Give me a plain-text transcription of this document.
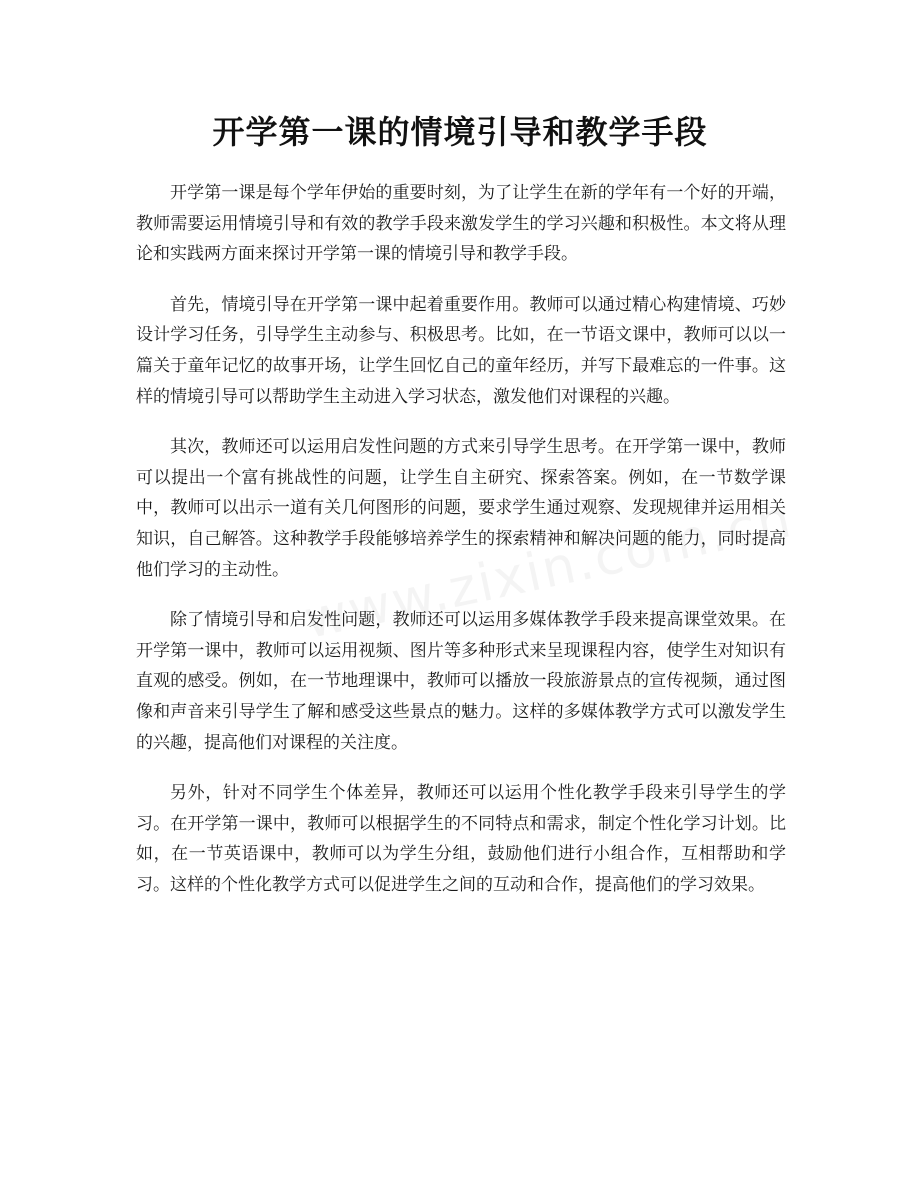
开学第一课的情境引导和教学手段

开学第一课是每个学年伊始的重要时刻，为了让学生在新的学年有一个好的开端，教师需要运用情境引导和有效的教学手段来激发学生的学习兴趣和积极性。本文将从理论和实践两方面来探讨开学第一课的情境引导和教学手段。

首先，情境引导在开学第一课中起着重要作用。教师可以通过精心构建情境、巧妙设计学习任务，引导学生主动参与、积极思考。比如，在一节语文课中，教师可以以一篇关于童年记忆的故事开场，让学生回忆自己的童年经历，并写下最难忘的一件事。这样的情境引导可以帮助学生主动进入学习状态，激发他们对课程的兴趣。

其次，教师还可以运用启发性问题的方式来引导学生思考。在开学第一课中，教师可以提出一个富有挑战性的问题，让学生自主研究、探索答案。例如，在一节数学课中，教师可以出示一道有关几何图形的问题，要求学生通过观察、发现规律并运用相关知识，自己解答。这种教学手段能够培养学生的探索精神和解决问题的能力，同时提高他们学习的主动性。

除了情境引导和启发性问题，教师还可以运用多媒体教学手段来提高课堂效果。在开学第一课中，教师可以运用视频、图片等多种形式来呈现课程内容，使学生对知识有直观的感受。例如，在一节地理课中，教师可以播放一段旅游景点的宣传视频，通过图像和声音来引导学生了解和感受这些景点的魅力。这样的多媒体教学方式可以激发学生的兴趣，提高他们对课程的关注度。

另外，针对不同学生个体差异，教师还可以运用个性化教学手段来引导学生的学习。在开学第一课中，教师可以根据学生的不同特点和需求，制定个性化学习计划。比如，在一节英语课中，教师可以为学生分组，鼓励他们进行小组合作，互相帮助和学习。这样的个性化教学方式可以促进学生之间的互动和合作，提高他们的学习效果。
